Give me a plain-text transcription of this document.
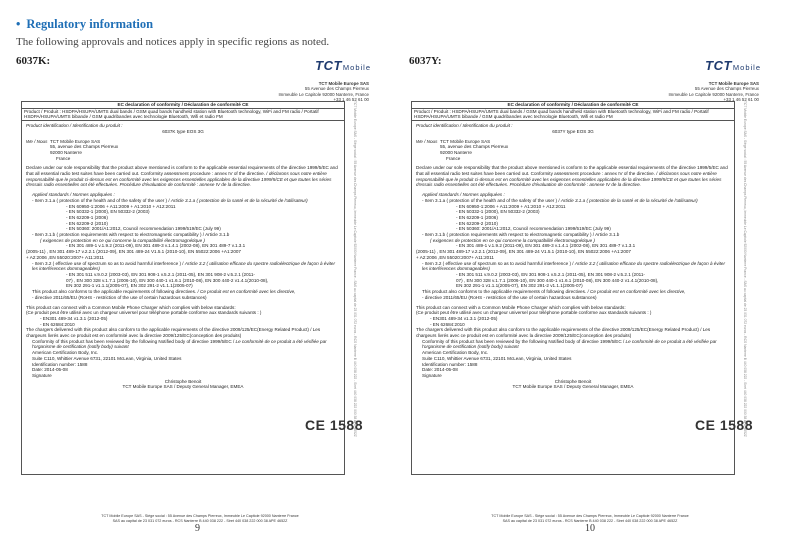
• Regulatory information
The following approvals and notices apply in specific regions as noted.
6037K:	6037Y:
TCTMobile
TCT Mobile Europe SAS
55 Avenue des Champs Pierreux
Immeuble Le Capitole 92000 Nanterre, France
+33 1 46 52 61 00
EC declaration of conformity / Déclaration de conformité CE
Product / Produit : HSDPA/HSUPA/UMTS dual bands / GSM quad bands handheld station with Bluetooth technology, WiFi and FM radio / Portatif HSDPA/HSUPA/UMTS bibande / GSM quadribandes avec technologie Bluetooth, Wifi et radio FM

Product identification / Identification du produit :

6037K type EOS 3G

We / Nous TCT Mobile Europe SAS

55, avenue des Champs Pierreux

92000 Nanterre

France

Declare under our sole responsibility that the product above mentioned is conform to the applicable essential requirements of the directive 1999/5/EC and that all essential radio test suites have been carried out. Conformity assessment procedure : annex IV of the directive. / déclarons sous notre entière responsabilité que le produit ci-dessus est en conformité avec les exigences essentielles applicables de la directive 1999/5/CE et que toutes les séries d'essais radio essentielles ont été effectuées. Procédure d'évaluation de conformité : annexe IV de la directive.

Applied standards / Normes appliquées :

- Item 3.1.a ( protection of the health and of the safety of the user ) / Article 3.1.a ( protection de la santé et de la sécurité de l'utilisateur)

- EN 60950-1:2006 + A11:2009 + A1:2010 + A12:2011

- EN 50332-1 (2000), EN 50332-2 (2003)

- EN 62209-1 (2006)

- EN 62209-2 (2010)

- EN 50360: 2001/A1:2012, Council recommendation 1999/519/EC (July 99)

- Item 3.1.b ( protection requirements with respect to electromagnetic compatibility ) / Article 3.1.b

( exigences de protection en ce qui concerne la compatibilité électromagnétique )

- EN 301 489-1 v.1.9.2 (2011-09), EN 301 489-3 v.1.4.1 (2002-08), EN 301 489-7 v.1.3.1

(2005-11) , EN 301 489-17 v.2.2.1 (2012-09), EN 301 489-24 V1.5.1 (2010-10), EN 55022:2006 +A1:2007

+ A2:2006 ,EN 55020:2007+ A11:2011

- Item 3.2 ( effective use of spectrum so as to avoid harmful interference ) / Article 3.2 ( utilisation efficace du spectre radioélectrique de façon à éviter les interférences dommageables)

- EN 301 511 v.9.0.2 (2003-03), EN 301 908-1 v.5.2.1 (2011-05), EN 301 908-2 v.5.2.1 (2011-

07) , EN 300 328 v.1.7.1 (2006-10), EN 300 440-1 v1.6.1 (2010-08), EN 300 440-2 v1.4.1(2010-08),

EN 302 291-1 v1.1.1(2005-07), EN 302 291-2 v1.1.1(2005-07)

This product also conforms to the applicable requirements of following directives. / Ce produit est en conformité avec les directive,

- directive 2011/65/EU (RoHS - restriction of the use of certain hazardous substances)

This product can connect with a Common Mobile Phone Charger which complies with below standards:

(Ce produit peut être utilisé avec un chargeur universel pour téléphone portable conforme aux standards suivants : )

- EN301 489-34 v1.3.1 (2012-05)

- EN 62684:2010

The chargers delivered with this product also conform to the applicable requirements of the directive 2009/125/EC(Energy Related Product) / Les chargeurs livrés avec ce produit est en conformité avec la directive 2009/125/EC(conception des produits)

Conformity of this product has been reviewed by the following Notified body of directive 1999/5/EC / Le conformité de ce produit a été vérifiée par l'organisme de certification (notify body) suivant

American Certification Body, Inc.

Suite C110, Whittier Avenue 6731, 22101 McLean, Virginia, United States

Identification number: 1588

Date: 2014-05-08

Signature

Christophe Benoit

TCT Mobile Europe SAS / Deputy General Manager, EMEA

CE 1588
TCT Mobile Europe SAS - Siège social : 55 Avenue des Champs Pierreux, Immeuble Le Capitole 92000 Nanterre France - SAS au capital de 23 031 072 euros - RCS Nanterre B 440 038 222 - Siret 440 038 222 000 38 APE 4652Z
TCT Mobile Europe SAS - Siège social : 55 Avenue des Champs Pierreux, Immeuble Le Capitole 92000 Nanterre France
SAS au capital de 23 031 072 euros - RCS Nanterre B 440 038 222 - Siret 440 038 222 000 38 APE 4652Z
TCTMobile
TCT Mobile Europe SAS
55 Avenue des Champs Pierreux
Immeuble Le Capitole 92000 Nanterre, France
+33 1 46 52 61 00
EC declaration of conformity / Déclaration de conformité CE
Product / Produit : HSDPA/HSUPA/UMTS dual bands / GSM quad bands handheld station with Bluetooth technology, WiFi and FM radio / Portatif HSDPA/HSUPA/UMTS bibande / GSM quadribandes avec technologie Bluetooth, Wifi et radio FM

Product identification / Identification du produit :

6037Y type EOS 3G

We / Nous TCT Mobile Europe SAS

55, avenue des Champs Pierreux

92000 Nanterre

France

Declare under our sole responsibility that the product above mentioned is conform to the applicable essential requirements of the directive 1999/5/EC and that all essential radio test suites have been carried out. Conformity assessment procedure : annex IV of the directive. / déclarons sous notre entière responsabilité que le produit ci-dessus est en conformité avec les exigences essentielles applicables de la directive 1999/5/CE et que toutes les séries d'essais radio essentielles ont été effectuées. Procédure d'évaluation de conformité : annexe IV de la directive.

Applied standards / Normes appliquées :

- Item 3.1.a ( protection of the health and of the safety of the user ) / Article 3.1.a ( protection de la santé et de la sécurité de l'utilisateur)

- EN 60950-1:2006 + A11:2009 + A1:2010 + A12:2011

- EN 50332-1 (2000), EN 50332-2 (2003)

- EN 62209-1 (2006)

- EN 62209-2 (2010)

- EN 50360: 2001/A1:2012, Council recommendation 1999/519/EC (July 99)

- Item 3.1.b ( protection requirements with respect to electromagnetic compatibility ) / Article 3.1.b

( exigences de protection en ce qui concerne la compatibilité électromagnétique )

- EN 301 489-1 v.1.9.2 (2011-09), EN 301 489-3 v.1.4.1 (2002-08), EN 301 489-7 v.1.3.1

(2005-11) , EN 301 489-17 v.2.2.1 (2012-09), EN 301 489-24 V1.5.1 (2010-10), EN 55022:2006 +A1:2007

+ A2:2006 ,EN 55020:2007+ A11:2011

- Item 3.2 ( effective use of spectrum so as to avoid harmful interference ) / Article 3.2 ( utilisation efficace du spectre radioélectrique de façon à éviter les interférences dommageables)

- EN 301 511 v.9.0.2 (2003-03), EN 301 908-1 v.5.2.1 (2011-05), EN 301 908-2 v.5.2.1 (2011-

07) , EN 300 328 v.1.7.1 (2006-10), EN 300 440-1 v1.6.1 (2010-08), EN 300 440-2 v1.4.1(2010-08),

EN 302 291-1 v1.1.1(2005-07), EN 302 291-2 v1.1.1(2005-07)

This product also conforms to the applicable requirements of following directives. / Ce produit est en conformité avec les directive,

- directive 2011/65/EU (RoHS - restriction of the use of certain hazardous substances)

This product can connect with a Common Mobile Phone Charger which complies with below standards:

(Ce produit peut être utilisé avec un chargeur universel pour téléphone portable conforme aux standards suivants : )

- EN301 489-34 v1.3.1 (2012-05)

- EN 62684:2010

The chargers delivered with this product also conform to the applicable requirements of the directive 2009/125/EC(Energy Related Product) / Les chargeurs livrés avec ce produit est en conformité avec la directive 2009/125/EC(conception des produits)

Conformity of this product has been reviewed by the following Notified body of directive 1999/5/EC / Le conformité de ce produit a été vérifiée par l'organisme de certification (notify body) suivant

American Certification Body, Inc.

Suite C110, Whittier Avenue 6731, 22101 McLean, Virginia, United States

Identification number: 1588

Date: 2014-05-08

Signature

Christophe Benoit

TCT Mobile Europe SAS / Deputy General Manager, EMEA

CE 1588
TCT Mobile Europe SAS - Siège social : 55 Avenue des Champs Pierreux, Immeuble Le Capitole 92000 Nanterre France - SAS au capital de 23 031 072 euros - RCS Nanterre B 440 038 222 - Siret 440 038 222 000 38 APE 4652Z
TCT Mobile Europe SAS - Siège social : 55 Avenue des Champs Pierreux, Immeuble Le Capitole 92000 Nanterre France
SAS au capital de 23 031 072 euros - RCS Nanterre B 440 038 222 - Siret 440 038 222 000 38 APE 4652Z
9	10
